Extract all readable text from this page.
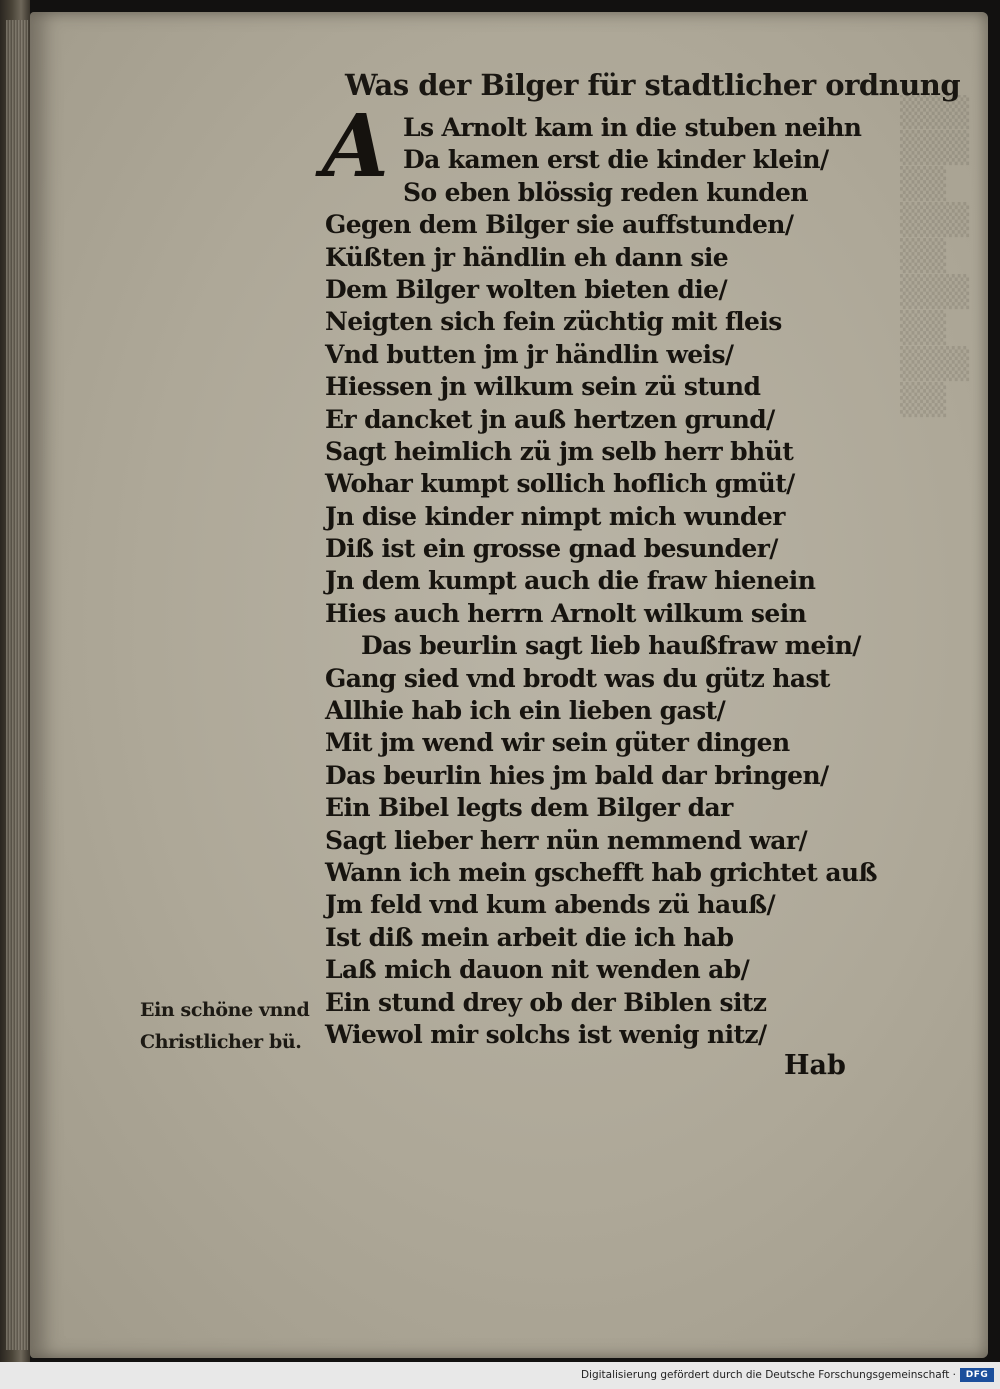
▒▒▒
▒▒▒
▒▒
▒▒▒
▒▒
▒▒▒
▒▒
▒▒▒
▒▒
Was der Bilger für stadtlicher ordnung
A Ls Arnolt kam in die stuben neihn
Da kamen erst die kinder klein/
So eben blössig reden kunden
Gegen dem Bilger sie auffstunden/
Küßten jr händlin eh dann sie
Dem Bilger wolten bieten die/
Neigten sich fein züchtig mit fleis
Vnd butten jm jr händlin weis/
Hiessen jn wilkum sein zü stund
Er dancket jn auß hertzen grund/
Sagt heimlich zü jm selb herr bhüt
Wohar kumpt sollich hoflich gmüt/
Jn dise kinder nimpt mich wunder
Diß ist ein grosse gnad besunder/
Jn dem kumpt auch die fraw hienein
Hies auch herrn Arnolt wilkum sein
Das beurlin sagt lieb haußfraw mein/
Gang sied vnd brodt was du gütz hast
Allhie hab ich ein lieben gast/
Mit jm wend wir sein güter dingen
Das beurlin hies jm bald dar bringen/
Ein Bibel legts dem Bilger dar
Sagt lieber herr nün nemmend war/
Wann ich mein gschefft hab grichtet auß
Jm feld vnd kum abends zü hauß/
Ist diß mein arbeit die ich hab
Laß mich dauon nit wenden ab/
Ein stund drey ob der Biblen sitz
Wiewol mir solchs ist wenig nitz/
Ein schöne vnnd
Christlicher bü.
Hab
Digitalisierung gefördert durch die Deutsche Forschungsgemeinschaft ·	DFG
